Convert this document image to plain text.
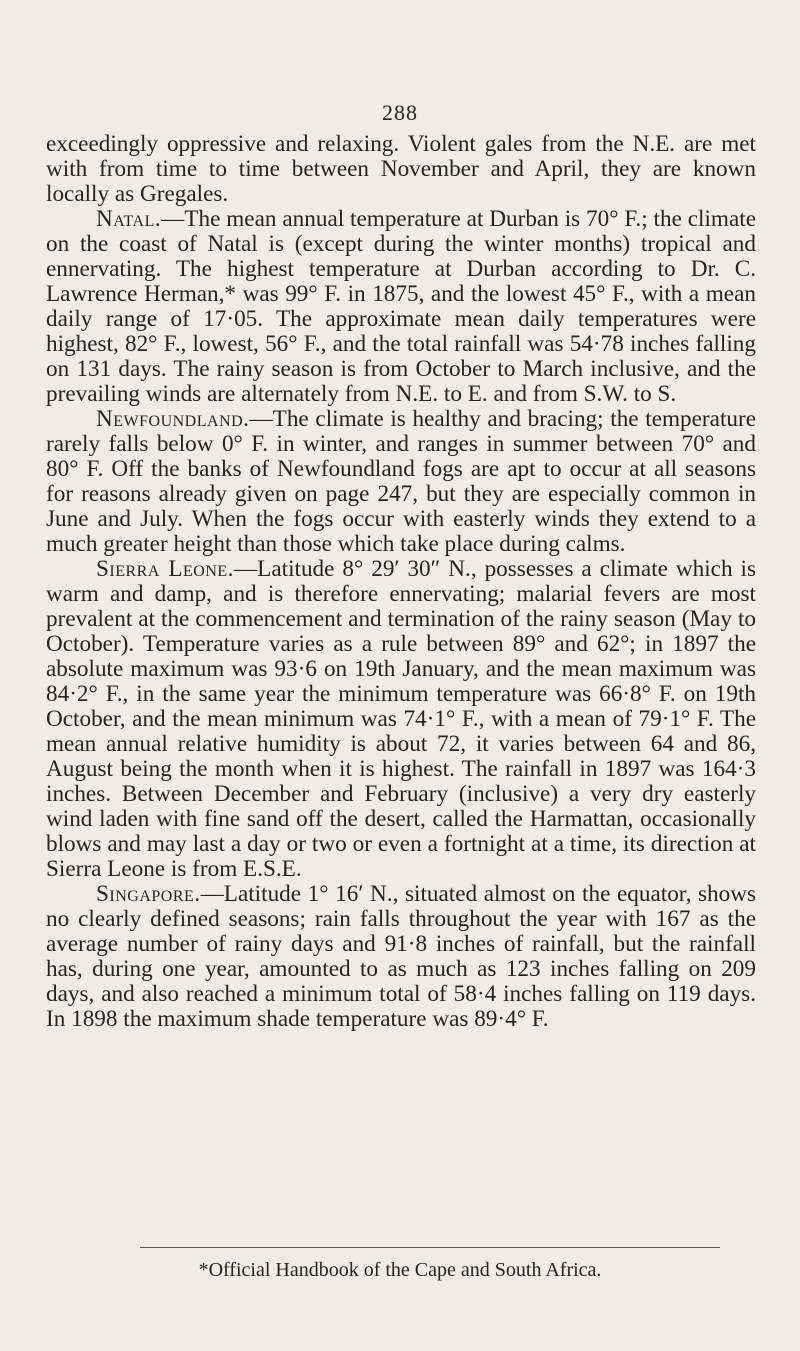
288

exceedingly oppressive and relaxing. Violent gales from the N.E. are met with from time to time between November and April, they are known locally as Gregales.

Natal.—The mean annual temperature at Durban is 70° F.; the climate on the coast of Natal is (except during the winter months) tropical and ennervating. The highest temperature at Durban according to Dr. C. Lawrence Herman,* was 99° F. in 1875, and the lowest 45° F., with a mean daily range of 17·05. The approximate mean daily temperatures were highest, 82° F., lowest, 56° F., and the total rainfall was 54·78 inches falling on 131 days. The rainy season is from October to March inclusive, and the prevailing winds are alternately from N.E. to E. and from S.W. to S.

Newfoundland.—The climate is healthy and bracing; the temperature rarely falls below 0° F. in winter, and ranges in summer between 70° and 80° F. Off the banks of Newfoundland fogs are apt to occur at all seasons for reasons already given on page 247, but they are especially common in June and July. When the fogs occur with easterly winds they extend to a much greater height than those which take place during calms.

Sierra Leone.—Latitude 8° 29′ 30″ N., possesses a climate which is warm and damp, and is therefore ennervating; malarial fevers are most prevalent at the commencement and termination of the rainy season (May to October). Temperature varies as a rule between 89° and 62°; in 1897 the absolute maximum was 93·6 on 19th January, and the mean maximum was 84·2° F., in the same year the minimum temperature was 66·8° F. on 19th October, and the mean minimum was 74·1° F., with a mean of 79·1° F. The mean annual relative humidity is about 72, it varies between 64 and 86, August being the month when it is highest. The rainfall in 1897 was 164·3 inches. Between December and February (inclusive) a very dry easterly wind laden with fine sand off the desert, called the Harmattan, occasionally blows and may last a day or two or even a fortnight at a time, its direction at Sierra Leone is from E.S.E.

Singapore.—Latitude 1° 16′ N., situated almost on the equator, shows no clearly defined seasons; rain falls throughout the year with 167 as the average number of rainy days and 91·8 inches of rainfall, but the rainfall has, during one year, amounted to as much as 123 inches falling on 209 days, and also reached a minimum total of 58·4 inches falling on 119 days. In 1898 the maximum shade temperature was 89·4° F.

*Official Handbook of the Cape and South Africa.
